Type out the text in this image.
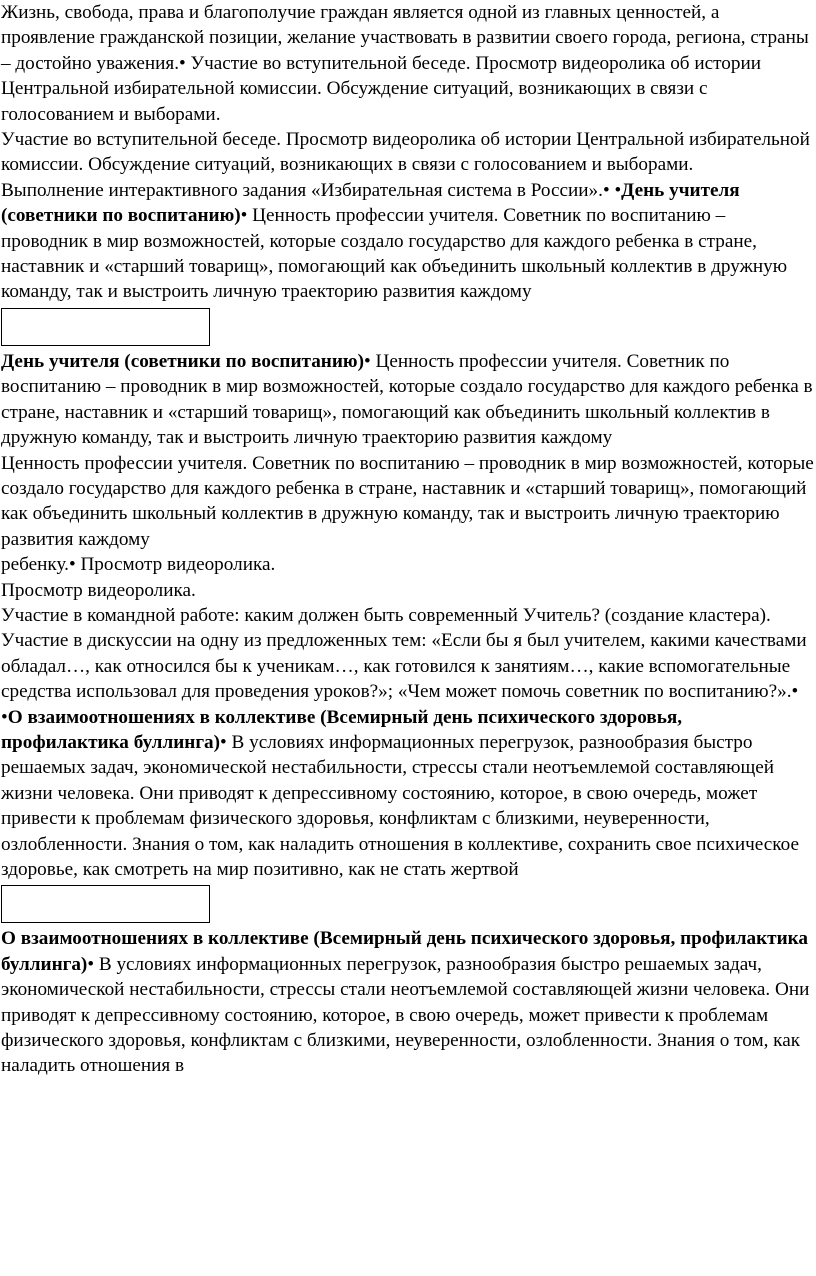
Жизнь, свобода, права и благополучие граждан является одной из главных ценностей, а проявление гражданской позиции, желание участвовать в развитии своего города, региона, страны – достойно уважения.• Участие во вступительной беседе. Просмотр видеоролика об истории Центральной избирательной комиссии. Обсуждение ситуаций, возникающих в связи с голосованием и выборами.

Участие во вступительной беседе. Просмотр видеоролика об истории Центральной избирательной комиссии. Обсуждение ситуаций, возникающих в связи с голосованием и выборами.

Выполнение интерактивного задания «Избирательная система в России».• •День учителя (советники по воспитанию)• Ценность профессии учителя. Советник по воспитанию – проводник в мир возможностей, которые создало государство для каждого ребенка в стране, наставник и «старший товарищ», помогающий как объединить школьный коллектив в дружную команду, так и выстроить личную траекторию развития каждому

День учителя (советники по воспитанию)• Ценность профессии учителя. Советник по воспитанию – проводник в мир возможностей, которые создало государство для каждого ребенка в стране, наставник и «старший товарищ», помогающий как объединить школьный коллектив в дружную команду, так и выстроить личную траекторию развития каждому

Ценность профессии учителя. Советник по воспитанию – проводник в мир возможностей, которые создало государство для каждого ребенка в стране, наставник и «старший товарищ», помогающий как объединить школьный коллектив в дружную команду, так и выстроить личную траекторию развития каждому

ребенку.• Просмотр видеоролика.

Просмотр видеоролика.

Участие в командной работе: каким должен быть современный Учитель? (создание кластера).

Участие в дискуссии на одну из предложенных тем: «Если бы я был учителем, какими качествами обладал…, как относился бы к ученикам…, как готовился к занятиям…, какие вспомогательные средства использовал для проведения уроков?»; «Чем может помочь советник по воспитанию?».• •О взаимоотношениях в коллективе (Всемирный день психического здоровья, профилактика буллинга)• В условиях информационных перегрузок, разнообразия быстро решаемых задач, экономической нестабильности, стрессы стали неотъемлемой составляющей жизни человека. Они приводят к депрессивному состоянию, которое, в свою очередь, может привести к проблемам физического здоровья, конфликтам с близкими, неуверенности, озлобленности. Знания о том, как наладить отношения в коллективе, сохранить свое психическое здоровье, как смотреть на мир позитивно, как не стать жертвой

О взаимоотношениях в коллективе (Всемирный день психического здоровья, профилактика буллинга)• В условиях информационных перегрузок, разнообразия быстро решаемых задач, экономической нестабильности, стрессы стали неотъемлемой составляющей жизни человека. Они приводят к депрессивному состоянию, которое, в свою очередь, может привести к проблемам физического здоровья, конфликтам с близкими, неуверенности, озлобленности. Знания о том, как наладить отношения в
